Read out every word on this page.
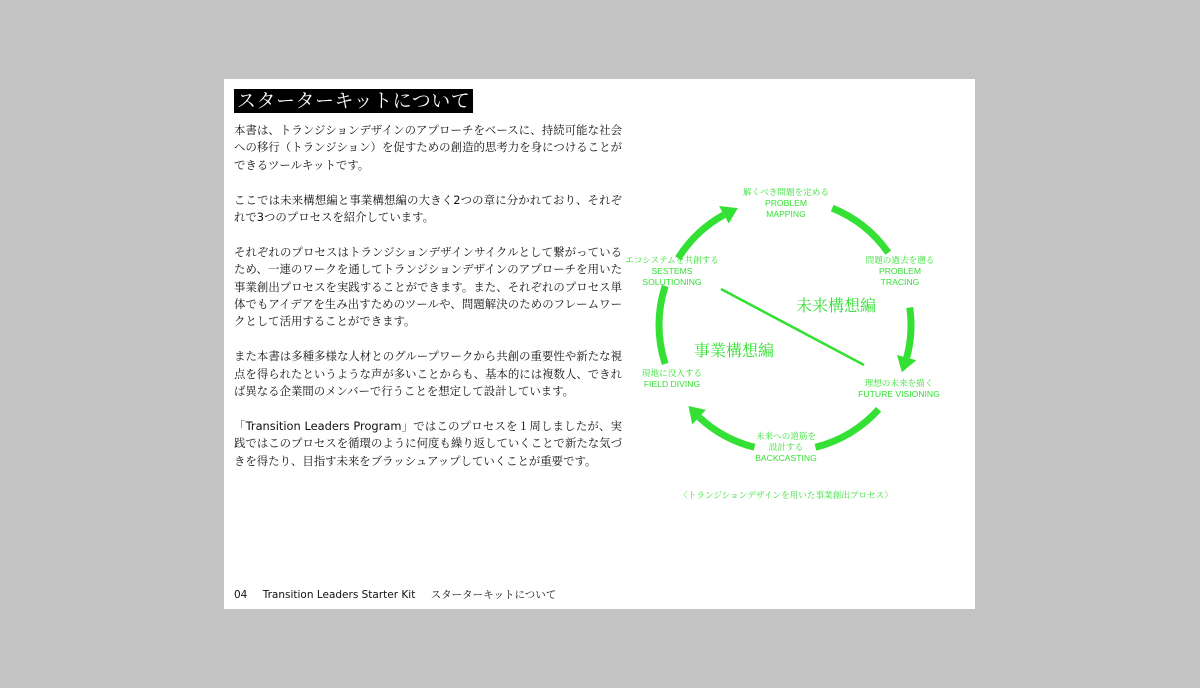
スターターキットについて

本書は、トランジションデザインのアプローチをベースに、持続可能な社会への移行（トランジション）を促すための創造的思考力を身につけることができるツールキットです。

ここでは未来構想編と事業構想編の大きく2つの章に分かれており、それぞれで3つのプロセスを紹介しています。

それぞれのプロセスはトランジションデザインサイクルとして繋がっているため、一連のワークを通してトランジションデザインのアプローチを用いた事業創出プロセスを実践することができます。また、それぞれのプロセス単体でもアイデアを生み出すためのツールや、問題解決のためのフレームワークとして活用することができます。

また本書は多種多様な人材とのグループワークから共創の重要性や新たな視点を得られたというような声が多いことからも、基本的には複数人、できれば異なる企業間のメンバーで行うことを想定して設計しています。

「Transition Leaders Program」ではこのプロセスを１周しましたが、実践ではこのプロセスを循環のように何度も繰り返していくことで新たな気づきを得たり、目指す未来をブラッシュアップしていくことが重要です。

解くべき問題を定める
PROBLEM
MAPPING
問題の過去を遡る
PROBLEM
TRACING
理想の未来を描く
FUTURE VISIONING
未来への道筋を
設計する
BACKCASTING
現地に没入する
FIELD DIVING
エコシステムを共創する
SESTEMS
SOLUTIONING
未来構想編
事業構想編
〈トランジションデザインを用いた事業創出プロセス〉
04 Transition Leaders Starter Kit スターターキットについて
